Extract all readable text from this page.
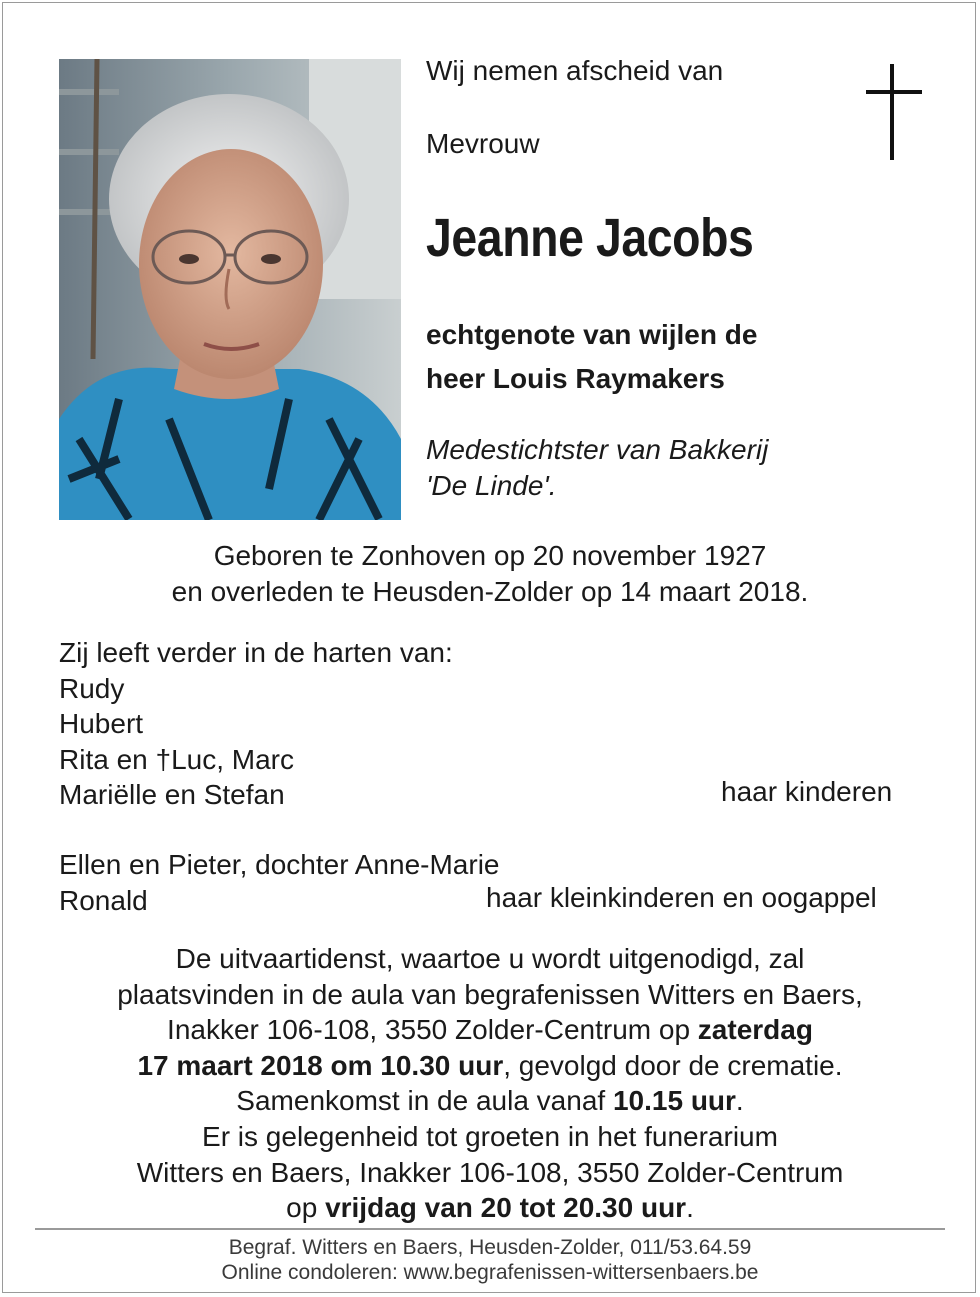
Wij nemen afscheid van
Mevrouw
Jeanne Jacobs
echtgenote van wijlen de
heer Louis Raymakers
Medestichtster van Bakkerij
'De Linde'.
Geboren te Zonhoven op 20 november 1927
en overleden te Heusden-Zolder op 14 maart 2018.
Zij leeft verder in de harten van:
Rudy
Hubert
Rita en †Luc, Marc
Mariëlle en Stefan	haar kinderen
Ellen en Pieter, dochter Anne-Marie
Ronald	haar kleinkinderen en oogappel
De uitvaartidenst, waartoe u wordt uitgenodigd, zal
plaatsvinden in de aula van begrafenissen Witters en Baers,
Inakker 106-108, 3550 Zolder-Centrum op zaterdag
17 maart 2018 om 10.30 uur, gevolgd door de crematie.
Samenkomst in de aula vanaf 10.15 uur.
Er is gelegenheid tot groeten in het funerarium
Witters en Baers, Inakker 106-108, 3550 Zolder-Centrum
op vrijdag van 20 tot 20.30 uur.
Begraf. Witters en Baers, Heusden-Zolder, 011/53.64.59
Online condoleren: www.begrafenissen-wittersenbaers.be
